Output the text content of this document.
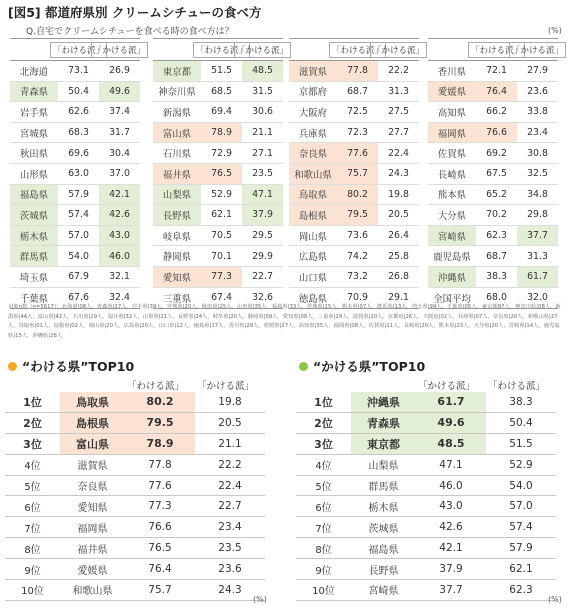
[図5] 都道府県別 クリームシチューの食べ方
Q.自宅でクリームシチューを食べる時の食べ方は？	(%)
「わける派」
「かける派」
北海道	73.1	26.9
青森県	50.4	49.6
岩手県	62.6	37.4
宮城県	68.3	31.7
秋田県	69.6	30.4
山形県	63.0	37.0
福島県	57.9	42.1
茨城県	57.4	42.6
栃木県	57.0	43.0
群馬県	54.0	46.0
埼玉県	67.9	32.1
千葉県	67.6	32.4
「わける派」
「かける派」
東京都	51.5	48.5
神奈川県	68.5	31.5
新潟県	69.4	30.6
富山県	78.9	21.1
石川県	72.9	27.1
福井県	76.5	23.5
山梨県	52.9	47.1
長野県	62.1	37.9
岐阜県	70.5	29.5
静岡県	70.1	29.9
愛知県	77.3	22.7
三重県	67.4	32.6
「わける派」
「かける派」
滋賀県	77.8	22.2
京都府	68.7	31.3
大阪府	72.5	27.5
兵庫県	72.3	27.7
奈良県	77.6	22.4
和歌山県	75.7	24.3
鳥取県	80.2	19.8
島根県	79.5	20.5
岡山県	73.6	26.4
広島県	74.2	25.8
山口県	73.2	26.8
徳島県	70.9	29.1
「わける派」
「かける派」
香川県	72.1	27.9
愛媛県	76.4	23.6
高知県	66.2	33.8
福岡県	76.6	23.4
佐賀県	69.2	30.8
長崎県	67.5	32.5
熊本県	65.2	34.8
大分県	70.2	29.8
宮崎県	62.3	37.7
鹿児島県	68.7	31.3
沖縄県	38.3	61.7
全国平均	68.0	32.0
対象n数（n=5617）：北海道|08人，青森県|27人，岩手県|39人，宮城県|20人，秋田県|25人，山形県|35人，福島県|33人，茨城県|15人，栃木県|07人，群馬県|13人，埼玉県|99人，千葉県|05人，東京都97人，神奈川県|08人，新潟県|44人，富山県|42人，石川県|29人，福井県|32人，山梨県|21人，長野県|24人，岐阜県|20人，静岡県|09人，愛知県|08人，三重県|29人，滋賀県|20人，京都府|26人，大阪府|02人，兵庫県|07人，奈良県|20人，和歌山県|27人，鳥取県|01人，島根県|02人，岡山県|20人，広島県|20人，山口県|12人，徳島県|17人，香川県|29人，愛媛県|27人，高知県|35人，福岡県|08人，佐賀県|11人，長崎県|20人，熊本県|23人，大分県|20人，宮崎県|14人，鹿児島県|15人，沖縄県|28人
“わける県”TOP10	“かける県”TOP10
「わける派」 「かける派」
1位	鳥取県	80.2	19.8
2位	島根県	79.5	20.5
3位	富山県	78.9	21.1
4位	滋賀県	77.8	22.2
5位	奈良県	77.6	22.4
6位	愛知県	77.3	22.7
7位	福岡県	76.6	23.4
8位	福井県	76.5	23.5
9位	愛媛県	76.4	23.6
10位	和歌山県	75.7	24.3
「かける派」 「わける派」
1位	沖縄県	61.7	38.3
2位	青森県	49.6	50.4
3位	東京都	48.5	51.5
4位	山梨県	47.1	52.9
5位	群馬県	46.0	54.0
6位	栃木県	43.0	57.0
7位	茨城県	42.6	57.4
8位	福島県	42.1	57.9
9位	長野県	37.9	62.1
10位	宮崎県	37.7	62.3
(%)	(%)
